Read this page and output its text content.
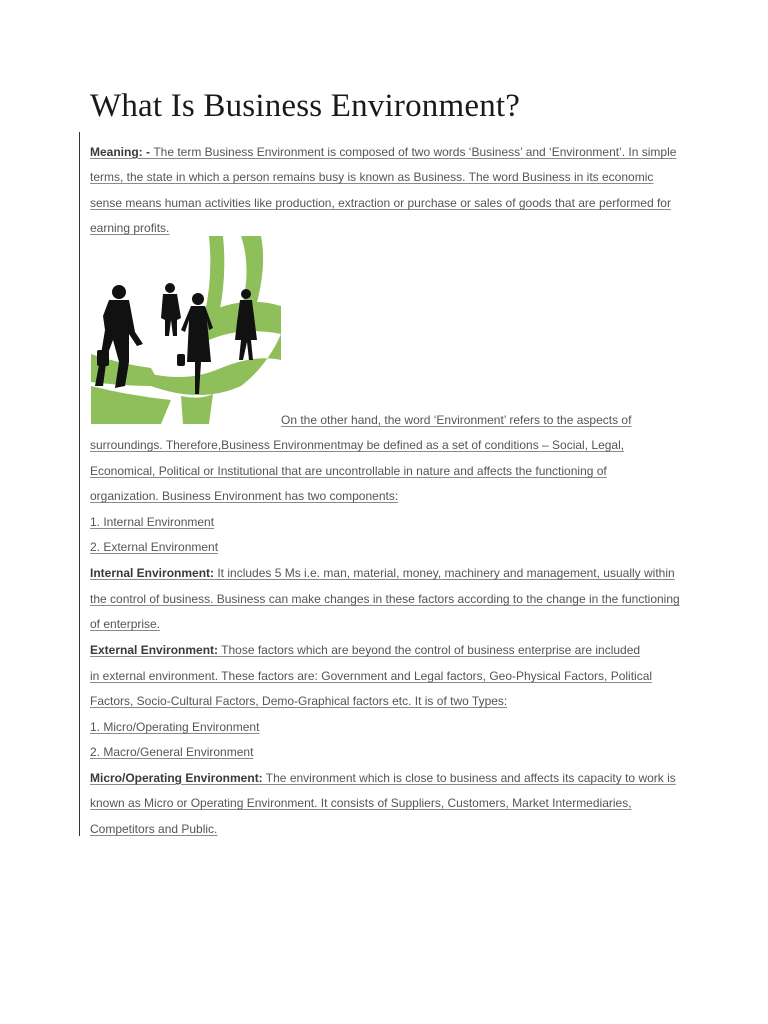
What Is Business Environment?

Meaning: - The term Business Environment is composed of two words ‘Business’ and ‘Environment’. In simple

terms, the state in which a person remains busy is known as Business. The word Business in its economic

sense means human activities like production, extraction or purchase or sales of goods that are performed for

earning profits.

On the other hand, the word ‘Environment’ refers to the aspects of

surroundings. Therefore,Business Environmentmay be defined as a set of conditions – Social, Legal,

Economical, Political or Institutional that are uncontrollable in nature and affects the functioning of

organization. Business Environment has two components:

1. Internal Environment

2. External Environment

Internal Environment: It includes 5 Ms i.e. man, material, money, machinery and management, usually within

the control of business. Business can make changes in these factors according to the change in the functioning

of enterprise.

External Environment: Those factors which are beyond the control of business enterprise are included

in external environment. These factors are: Government and Legal factors, Geo-Physical Factors, Political

Factors, Socio-Cultural Factors, Demo-Graphical factors etc. It is of two Types:

1. Micro/Operating Environment

2. Macro/General Environment

Micro/Operating Environment: The environment which is close to business and affects its capacity to work is

known as Micro or Operating Environment. It consists of Suppliers, Customers, Market Intermediaries,

Competitors and Public.
